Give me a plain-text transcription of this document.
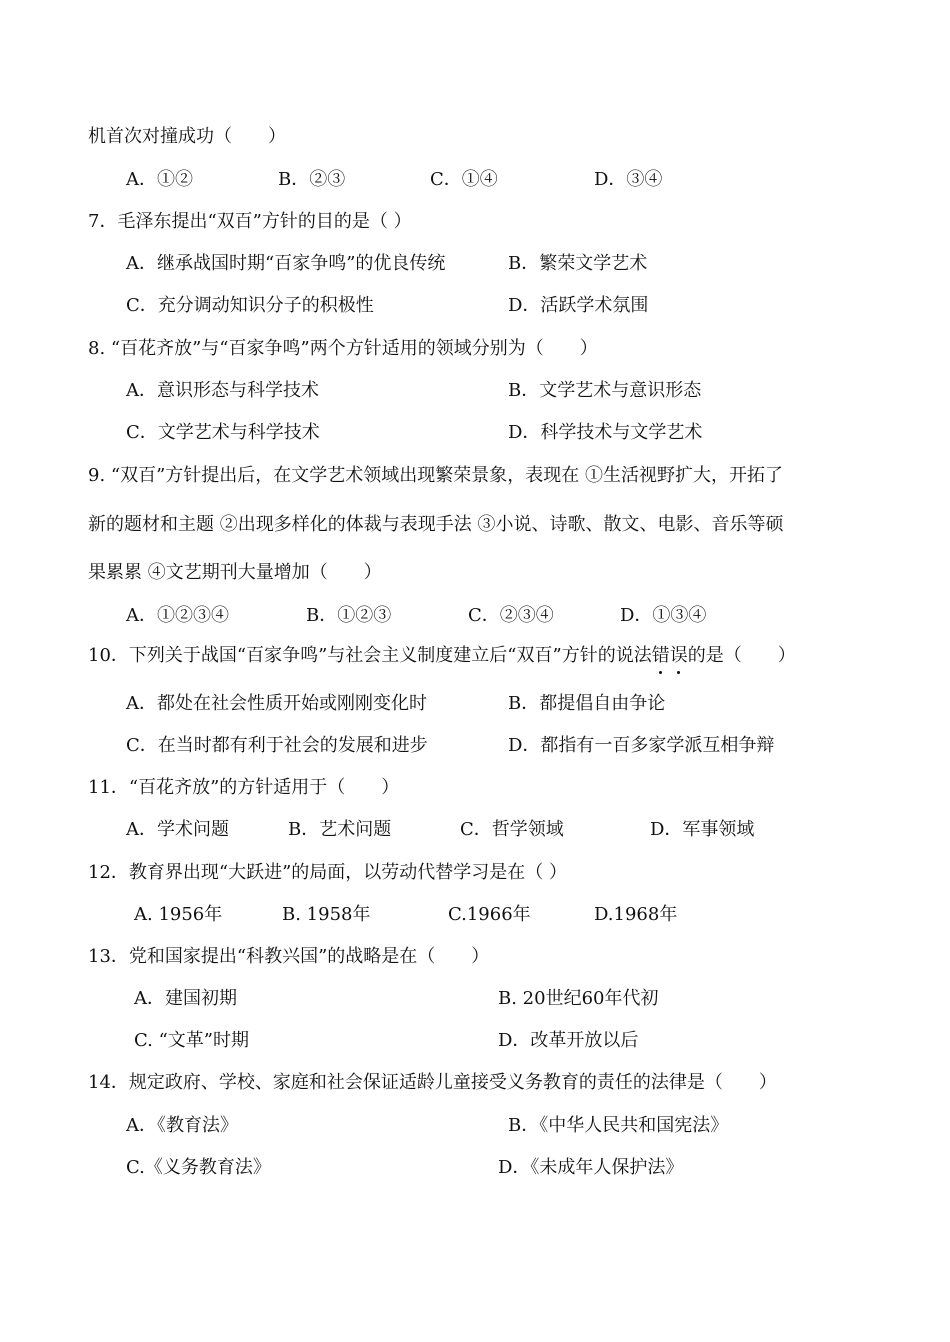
机首次对撞成功（　　）
A．①②	B．②③	C．①④	D．③④
7．毛泽东提出“双百”方针的目的是（ ）
A．继承战国时期“百家争鸣”的优良传统	B．繁荣文学艺术
C．充分调动知识分子的积极性	D．活跃学术氛围
8. “百花齐放”与“百家争鸣”两个方针适用的领域分别为（　　）
A．意识形态与科学技术	B．文学艺术与意识形态
C．文学艺术与科学技术	D．科学技术与文学艺术
9. “双百”方针提出后，在文学艺术领域出现繁荣景象，表现在 ①生活视野扩大，开拓了
新的题材和主题 ②出现多样化的体裁与表现手法 ③小说、诗歌、散文、电影、音乐等硕
果累累 ④文艺期刊大量增加（　　）
A．①②③④	B．①②③	C．②③④	D．①③④
10．下列关于战国“百家争鸣”与社会主义制度建立后“双百”方针的说法错误的是（　　）
A．都处在社会性质开始或刚刚变化时	B．都提倡自由争论
C．在当时都有利于社会的发展和进步	D．都指有一百多家学派互相争辩
11．“百花齐放”的方针适用于（　　）
A．学术问题	B．艺术问题	C．哲学领域	D．军事领域
12．教育界出现“大跃进”的局面，以劳动代替学习是在（ ）
A. 1956年	B. 1958年	C.1966年	D.1968年
13．党和国家提出“科教兴国”的战略是在（　　）
A．建国初期	B. 20世纪60年代初
C. “文革”时期	D．改革开放以后
14．规定政府、学校、家庭和社会保证适龄儿童接受义务教育的责任的法律是（　　）
A．《教育法》	B．《中华人民共和国宪法》
C.《义务教育法》	D．《未成年人保护法》
